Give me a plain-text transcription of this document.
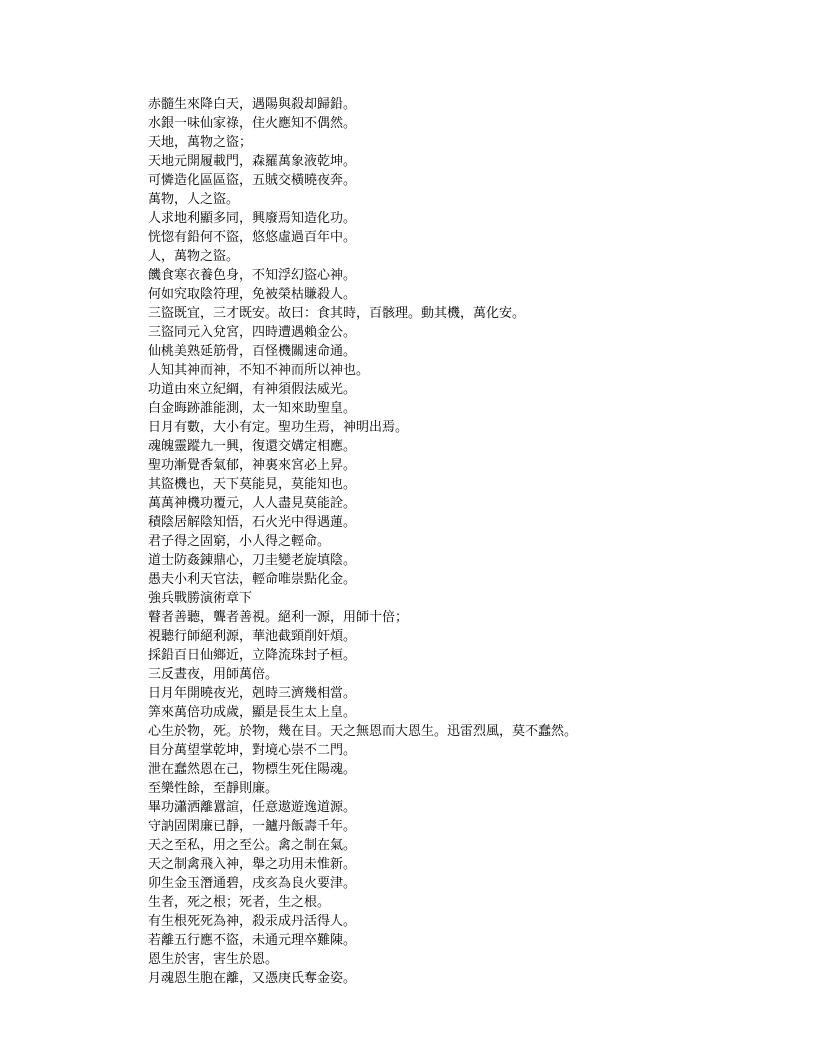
赤髓生來降白天，遇陽與殺却歸鉛。
水銀一味仙家祿，住火應知不偶然。
天地，萬物之盜；
天地元開履載門，森羅萬象液乾坤。
可憐造化區區盜，五賊交橫曉夜奔。
萬物，人之盜。
人求地利顯多同，興廢焉知造化功。
恍惚有鉛何不盜，悠悠虛過百年中。
人，萬物之盜。
饑食寒衣養色身，不知浮幻盜心神。
何如究取陰符理，免被榮枯賺殺人。
三盜既宜，三才既安。故曰：食其時，百骸理。動其機，萬化安。
三盜同元入兌宮，四時遭遇賴金公。
仙桃美熟延筋骨，百怪機關速命通。
人知其神而神，不知不神而所以神也。
功道由來立紀綱，有神須假法威光。
白金晦跡誰能測，太一知來助聖皇。
日月有數，大小有定。聖功生焉，神明出焉。
魂魄靈蹤九一興，復還交媾定相應。
聖功漸覺香氣郁，神裏來宮必上昇。
其盜機也，天下莫能見，莫能知也。
萬萬神機功覆元，人人盡見莫能詮。
積陰居解陰知悟，石火光中得遇蓮。
君子得之固窮，小人得之輕命。
道士防姦錬鼎心，刀圭變老旋填陰。
愚夫小利天官法，輕命唯崇點化金。
強兵戰勝演術章下
瞽者善聽，聾者善視。絕利一源，用師十倍；
視聽行師絕利源，華池截頸削奸煩。
採鉛百日仙鄉近，立降流珠封子桓。
三反晝夜，用師萬倍。
日月年開曉夜光，剋時三濟幾相當。
筭來萬倍功成歲，顯是長生太上皇。
心生於物，死。於物，幾在目。天之無恩而大恩生。迅雷烈風，莫不蠢然。
目分萬望掌乾坤，對境心崇不二門。
泄在蠢然恩在己，物標生死住陽魂。
至樂性餘，至靜則廉。
畢功瀟洒離囂諠，任意遨遊逸道源。
守訥固閑廉已靜，一鑪丹飯壽千年。
天之至私，用之至公。禽之制在氣。
天之制禽飛入神，舉之功用未惟新。
卯生金玉潛通碧，戌亥為良火要津。
生者，死之根；死者，生之根。
有生根死死為神，殺汞成丹活得人。
若離五行應不盜，未通元理卒難陳。
恩生於害，害生於恩。
月魂恩生胞在離，又憑庚氏奪金姿。
